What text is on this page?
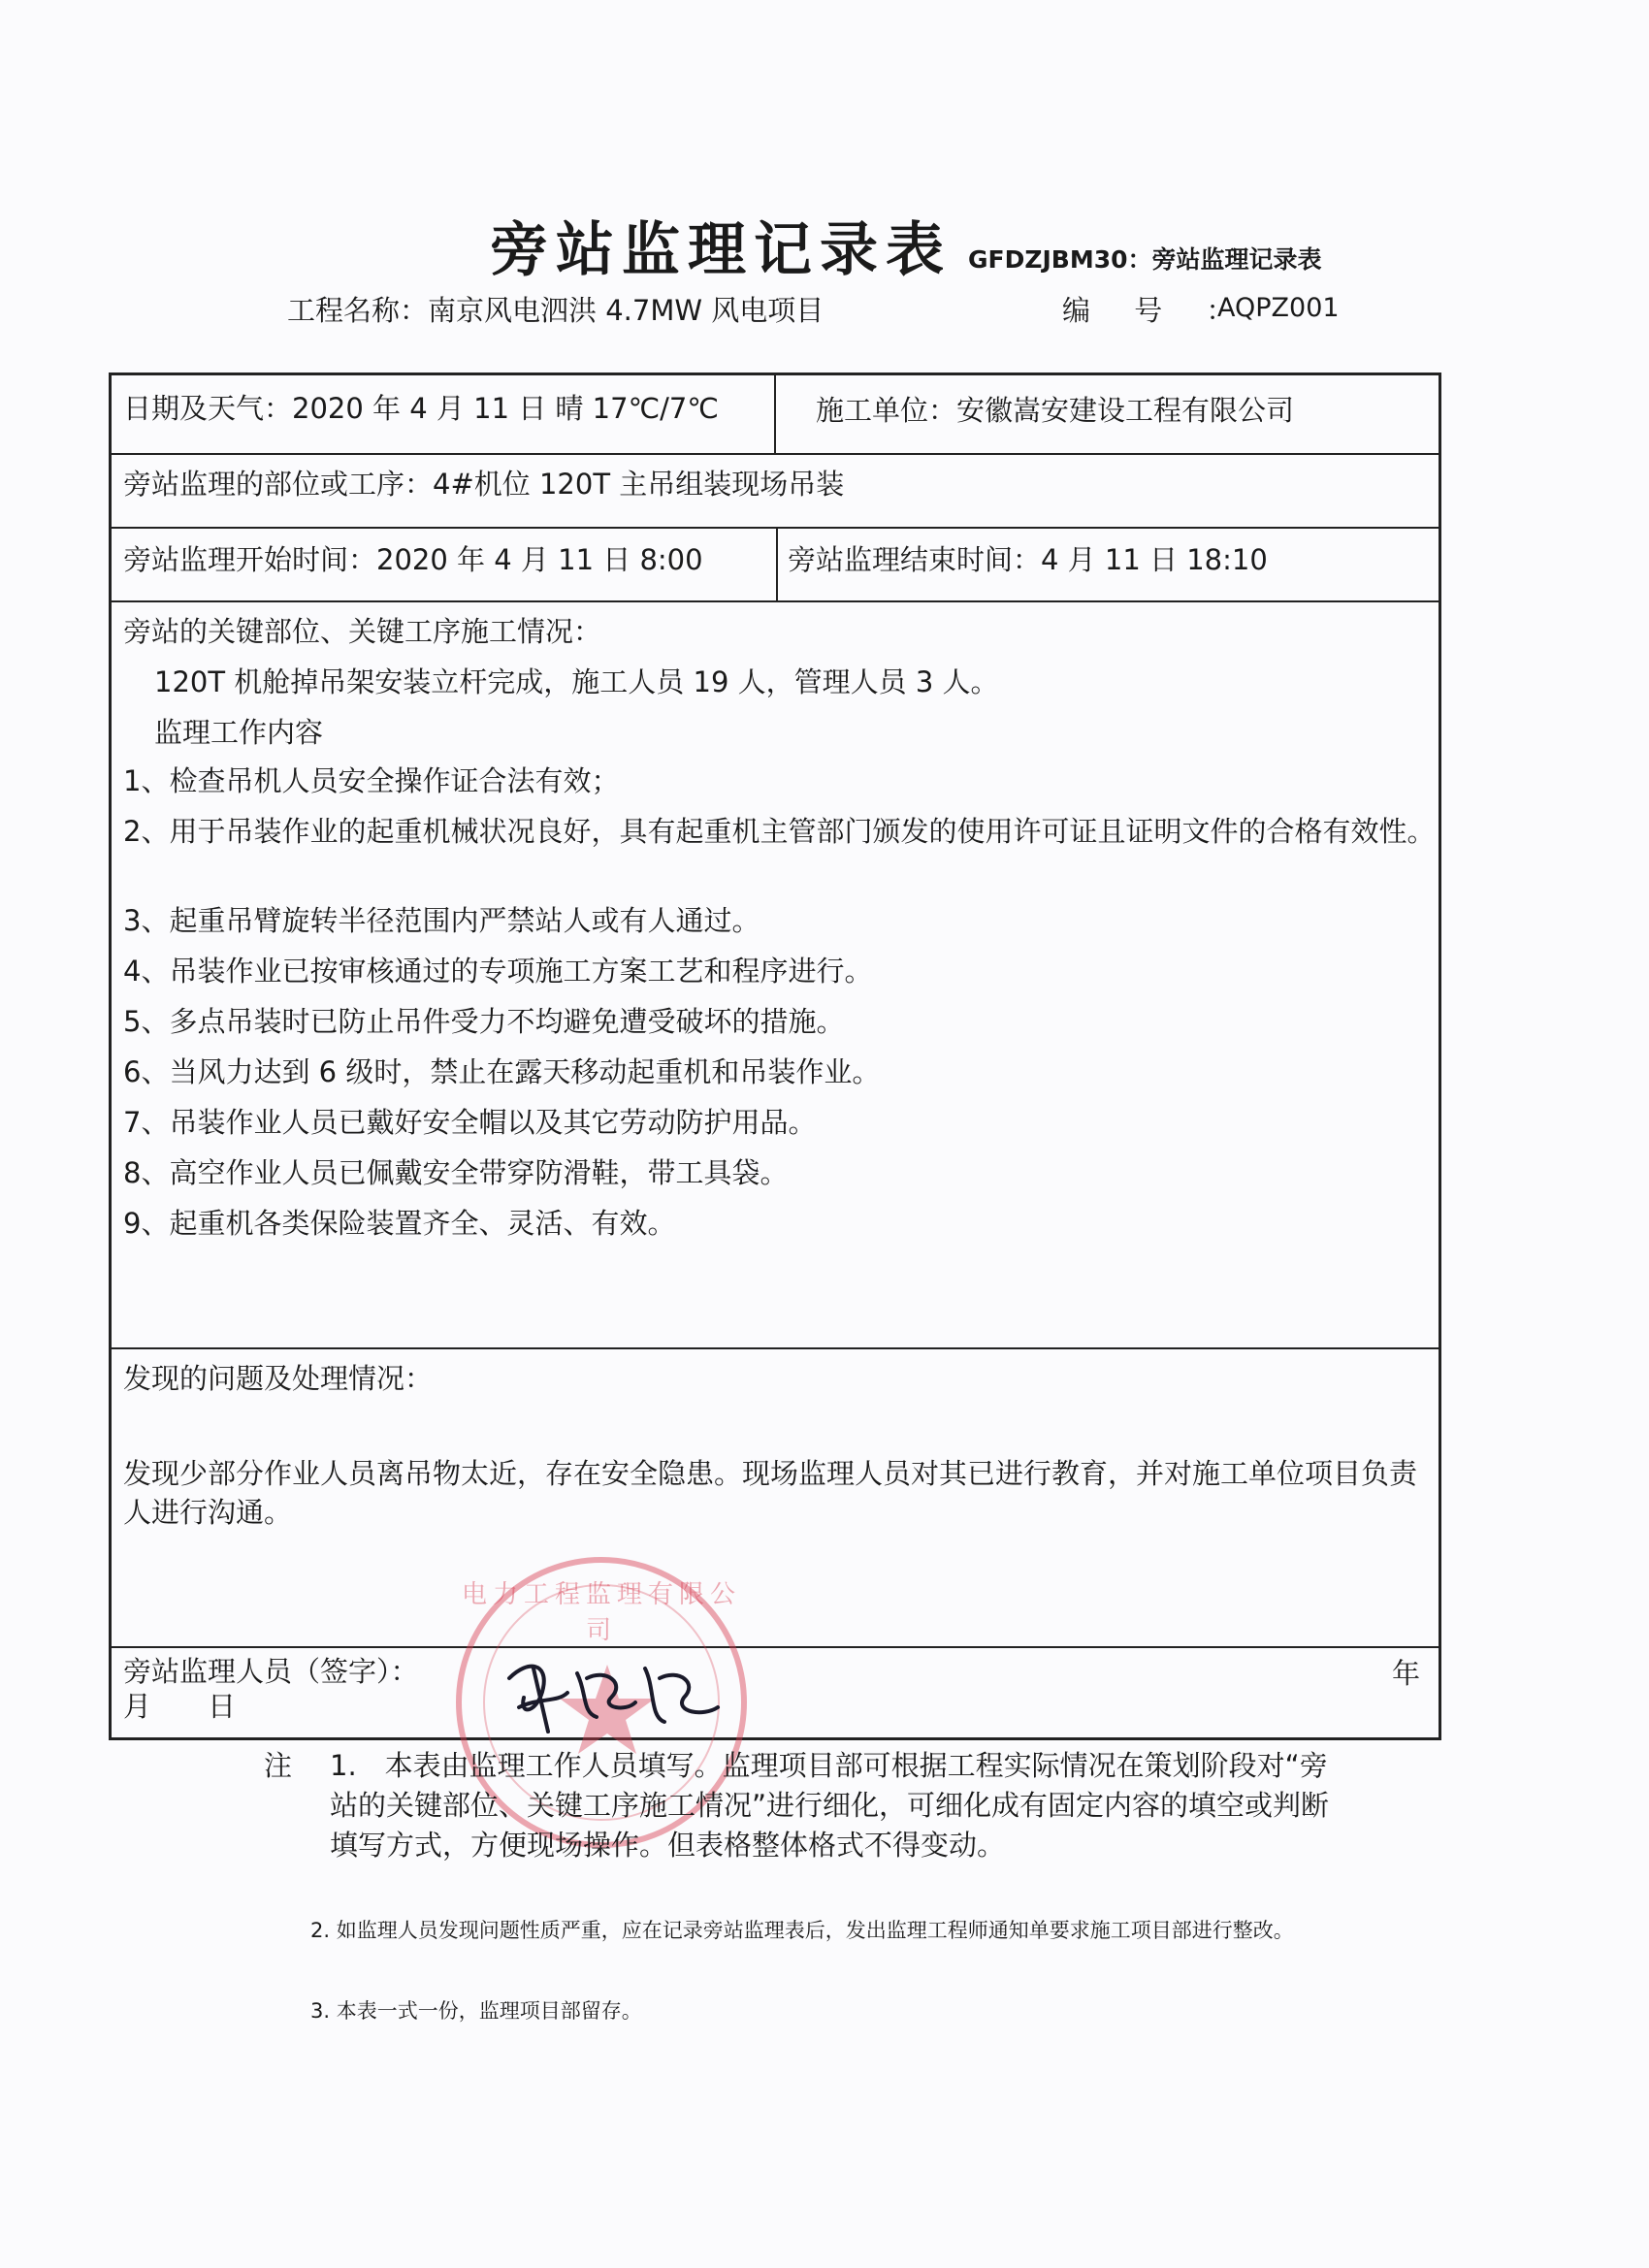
旁站监理记录表 GFDZJBM30：旁站监理记录表
工程名称：南京风电泗洪 4.7MW 风电项目	编 号 ：
AQPZ001
日期及天气：2020 年 4 月 11 日 晴 17℃/7℃	施工单位：安徽嵩安建设工程有限公司
旁站监理的部位或工序：4#机位 120T 主吊组装现场吊装
旁站监理开始时间：2020 年 4 月 11 日 8:00	旁站监理结束时间：4 月 11 日 18:10
旁站的关键部位、关键工序施工情况：
120T 机舱掉吊架安装立杆完成，施工人员 19 人，管理人员 3 人。
监理工作内容
1、检查吊机人员安全操作证合法有效；
2、用于吊装作业的起重机械状况良好，具有起重机主管部门颁发的使用许可证且证明文件的合格有效性。
3、起重吊臂旋转半径范围内严禁站人或有人通过。
4、吊装作业已按审核通过的专项施工方案工艺和程序进行。
5、多点吊装时已防止吊件受力不均避免遭受破坏的措施。
6、当风力达到 6 级时，禁止在露天移动起重机和吊装作业。
7、吊装作业人员已戴好安全帽以及其它劳动防护用品。
8、高空作业人员已佩戴安全带穿防滑鞋，带工具袋。
9、起重机各类保险装置齐全、灵活、有效。
发现的问题及处理情况：
发现少部分作业人员离吊物太近，存在安全隐患。现场监理人员对其已进行教育，并对施工单位项目负责人进行沟通。
旁站监理人员（签字）：	年
月　　日
电力工程监理有限公司
注 1.　本表由监理工作人员填写。监理项目部可根据工程实际情况在策划阶段对“旁站的关键部位、关键工序施工情况”进行细化，可细化成有固定内容的填空或判断填写方式，方便现场操作。但表格整体格式不得变动。
2. 如监理人员发现问题性质严重，应在记录旁站监理表后，发出监理工程师通知单要求施工项目部进行整改。
3. 本表一式一份，监理项目部留存。
